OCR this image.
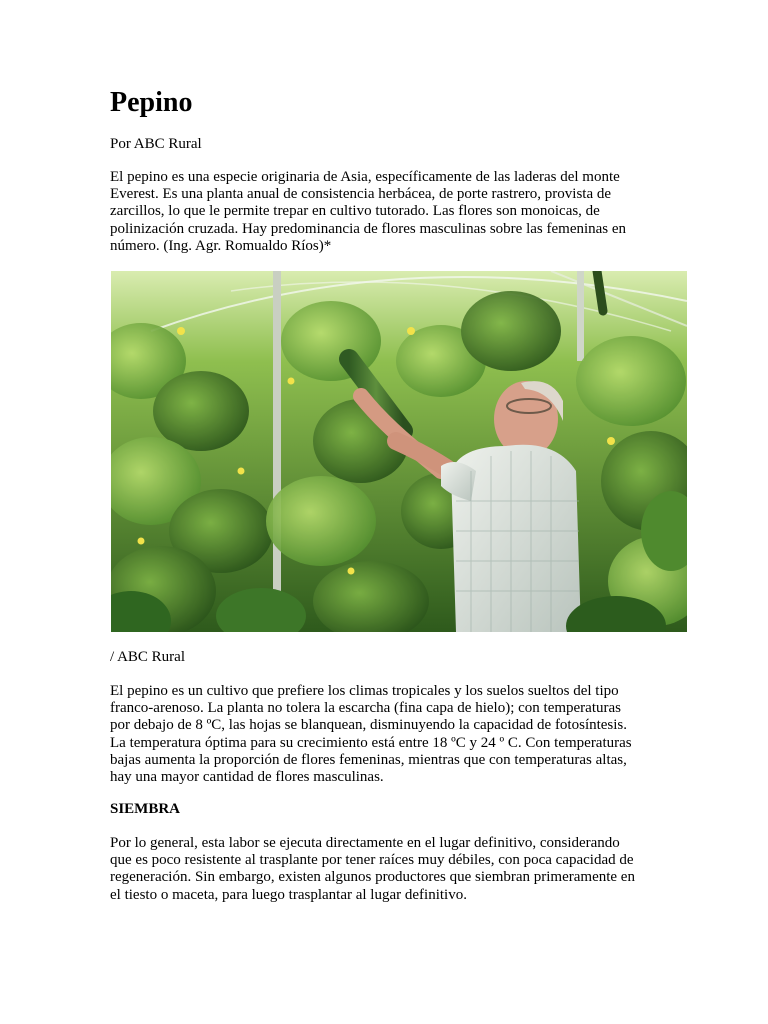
Pepino

Por ABC Rural

El pepino es una especie originaria de Asia, específicamente de las laderas del monte
Everest. Es una planta anual de consistencia herbácea, de porte rastrero, provista de
zarcillos, lo que le permite trepar en cultivo tutorado. Las flores son monoicas, de
polinización cruzada. Hay predominancia de flores masculinas sobre las femeninas en
número. (Ing. Agr. Romualdo Ríos)*

/ ABC Rural

El pepino es un cultivo que prefiere los climas tropicales y los suelos sueltos del tipo
franco-arenoso. La planta no tolera la escarcha (fina capa de hielo); con temperaturas
por debajo de 8 ºC, las hojas se blanquean, disminuyendo la capacidad de fotosíntesis.
La temperatura óptima para su crecimiento está entre 18 ºC y 24 º C. Con temperaturas
bajas aumenta la proporción de flores femeninas, mientras que con temperaturas altas,
hay una mayor cantidad de flores masculinas.

SIEMBRA

Por lo general, esta labor se ejecuta directamente en el lugar definitivo, considerando
que es poco resistente al trasplante por tener raíces muy débiles, con poca capacidad de
regeneración. Sin embargo, existen algunos productores que siembran primeramente en
el tiesto o maceta, para luego trasplantar al lugar definitivo.
